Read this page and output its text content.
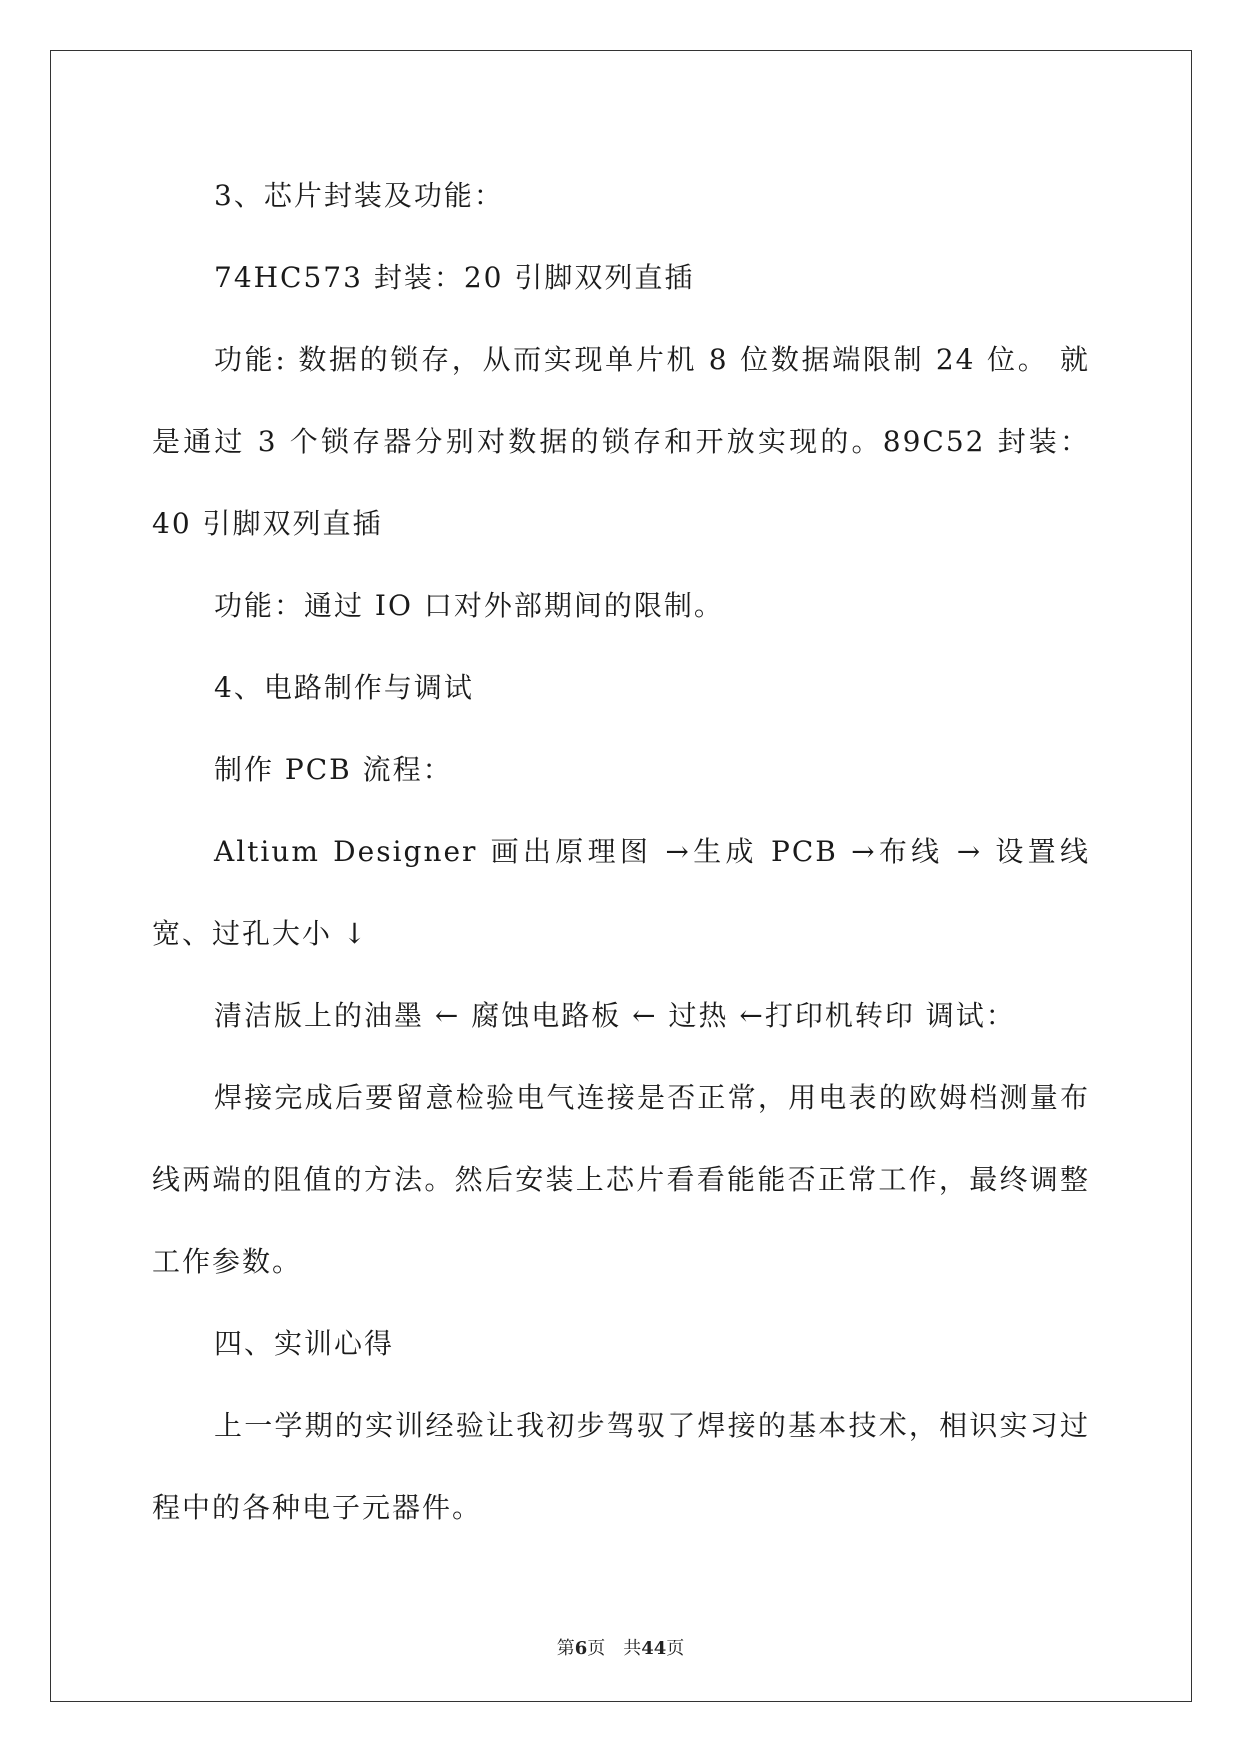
3、芯片封装及功能：

74HC573 封装：20 引脚双列直插

功能: 数据的锁存，从而实现单片机 8 位数据端限制 24 位。 就是通过 3 个锁存器分别对数据的锁存和开放实现的。89C52 封装：40 引脚双列直插

功能：通过 IO 口对外部期间的限制。

4、电路制作与调试

制作 PCB 流程：

Altium Designer 画出原理图 →生成 PCB →布线 → 设置线宽、过孔大小 ↓

清洁版上的油墨 ← 腐蚀电路板 ← 过热 ←打印机转印 调试：

焊接完成后要留意检验电气连接是否正常，用电表的欧姆档测量布线两端的阻值的方法。然后安装上芯片看看能能否正常工作，最终调整工作参数。

四、实训心得

上一学期的实训经验让我初步驾驭了焊接的基本技术，相识实习过程中的各种电子元器件。

第6页 共44页
